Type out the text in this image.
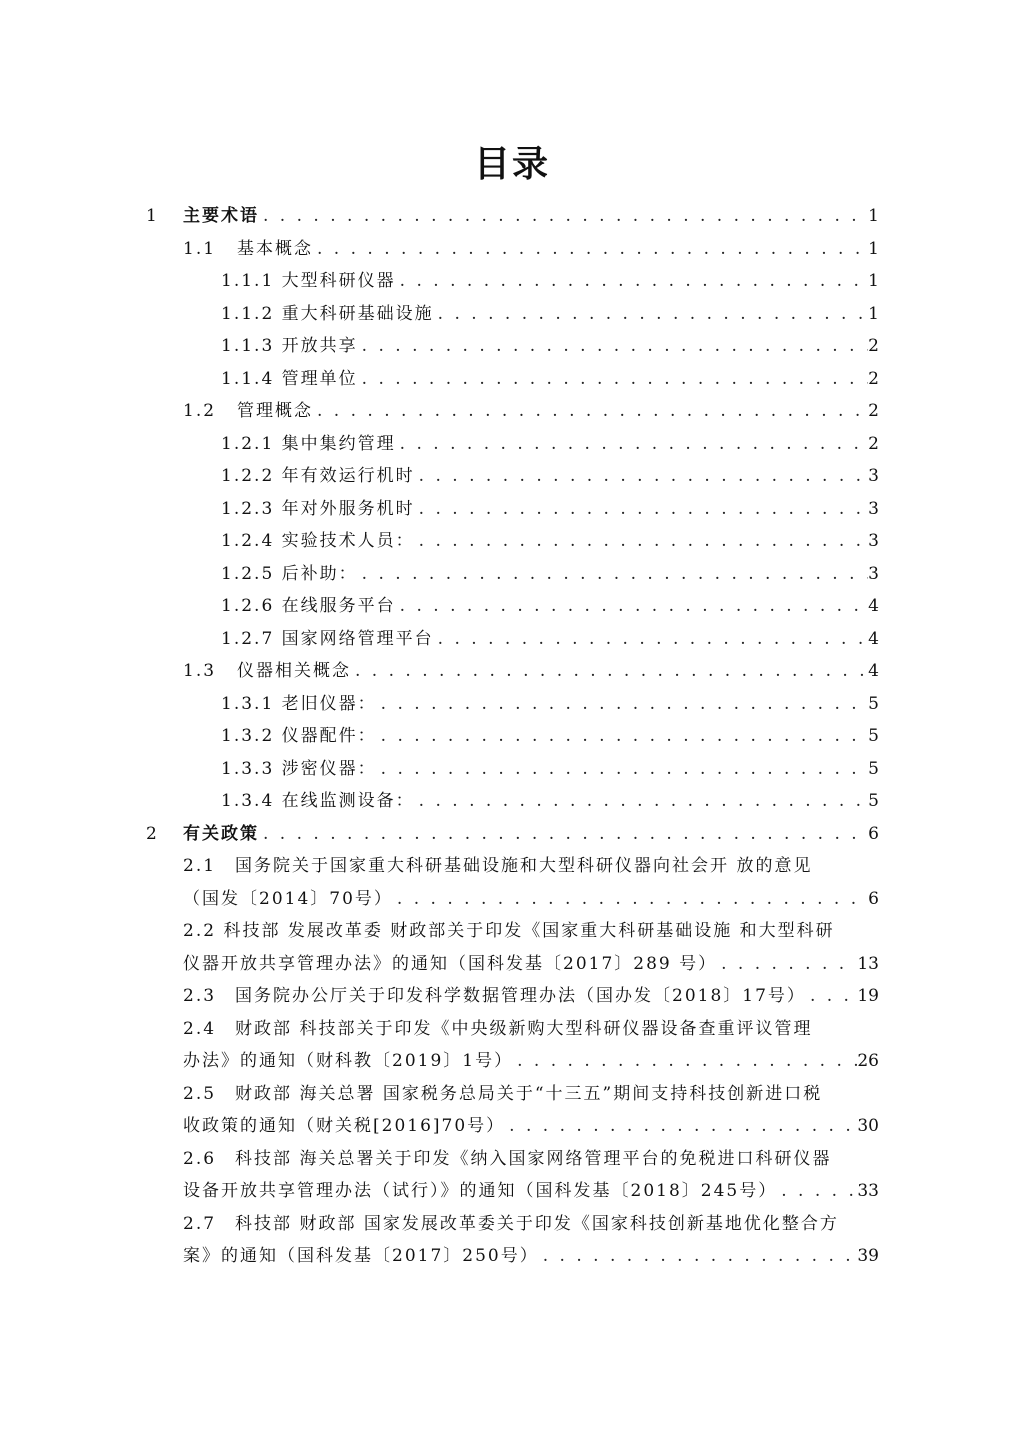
目录
1 主要术语 . . .	1
1.1 基本概念 . . .	1
1.1.1 大型科研仪器 . . .	1
1.1.2 重大科研基础设施 . . .	1
1.1.3 开放共享 . . .	2
1.1.4 管理单位 . . .	2
1.2 管理概念 . . .	2
1.2.1 集中集约管理 . . .	2
1.2.2 年有效运行机时 . . .	3
1.2.3 年对外服务机时 . . .	3
1.2.4 实验技术人员： . . .	3
1.2.5 后补助： . . .	3
1.2.6 在线服务平台 . . .	4
1.2.7 国家网络管理平台 . . .	4
1.3 仪器相关概念 . . .	4
1.3.1 老旧仪器： . . .	5
1.3.2 仪器配件： . . .	5
1.3.3 涉密仪器： . . .	5
1.3.4 在线监测设备： . . .	5
2 有关政策 . . .	6
2.1　国务院关于国家重大科研基础设施和大型科研仪器向社会开 放的意见
（国发〔2014〕70号） . . .	6
2.2 科技部 发展改革委 财政部关于印发《国家重大科研基础设施 和大型科研
仪器开放共享管理办法》的通知（国科发基〔2017〕289 号） . . .	13
2.3　国务院办公厅关于印发科学数据管理办法（国办发〔2018〕17号） . . .	19
2.4　财政部 科技部关于印发《中央级新购大型科研仪器设备查重评议管理
办法》的通知（财科教〔2019〕1号） . . .	26
2.5　财政部 海关总署 国家税务总局关于“十三五”期间支持科技创新进口税
收政策的通知（财关税[2016]70号） . . .	30
2.6　科技部 海关总署关于印发《纳入国家网络管理平台的免税进口科研仪器
设备开放共享管理办法（试行）》的通知（国科发基〔2018〕245号） . . .	33
2.7　科技部 财政部 国家发展改革委关于印发《国家科技创新基地优化整合方
案》的通知（国科发基〔2017〕250号） . . .	39
